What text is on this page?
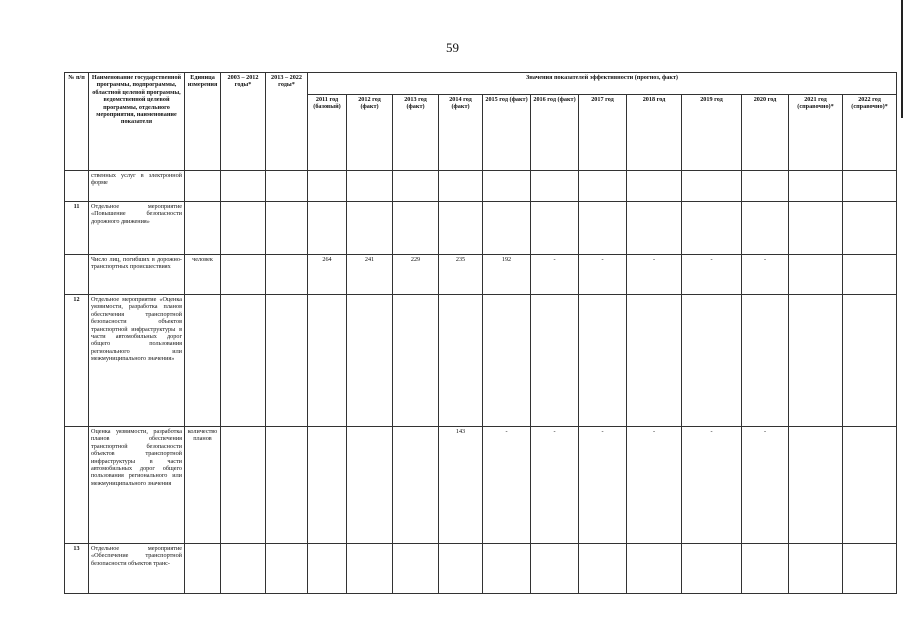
59
№ п/п	Наименование государственной программы, подпрограммы, областной целевой программы, ведомственной целевой программы, отдельного мероприятия, наименование показателя	Единица измерения	2003 – 2012 годы*	2013 – 2022 годы*	Значения показателей эффективности (прогноз, факт)											
					2011 год (базовый)	2012 год (факт)	2013 год (факт)	2014 год (факт)	2015 год (факт)	2016 год (факт)	2017 год	2018 год	2019 год	2020 год	2021 год (справочно)*	2022 год (справочно)*
	ственных услуг в электронной форме															
11	Отдельное мероприятие «Повышение безопасности дорожного движения»															
	Число лиц, погибших в дорожно-транспортных происшествиях	человек			264	241	229	235	192	-	-	-	-	-		
12	Отдельное мероприятие «Оценка уязвимости, разработка планов обеспечения транспортной безопасности объектов транспортной инфраструктуры в части автомобильных дорог общего пользования регионального или межмуниципального значения»															
	Оценка уязвимости, разработка планов обеспечения транспортной безопасности объектов транспортной инфраструктуры в части автомобильных дорог общего пользования регионального или межмуниципального значения	количество планов						143	-	-	-	-	-	-		
13	Отдельное мероприятие «Обеспечение транспортной безопасности объектов транс-															
